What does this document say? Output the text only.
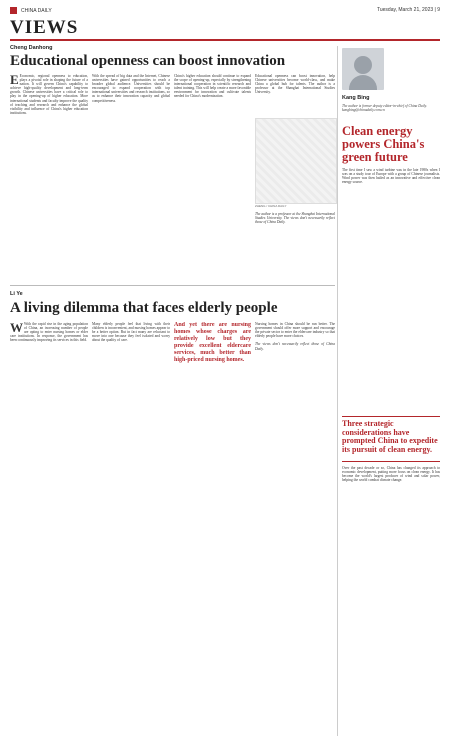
CHINA DAILY	Tuesday, March 21, 2023 | 9
VIEWS
Cheng Danhong
Educational openness can boost innovation
E Economic, regional openness to education, plays a pivotal role in shaping the future of a nation. It will govern China's capability to achieve high-quality development and long-term growth. Chinese universities have a critical role to play in the opening-up of higher education. More international students and faculty improve the quality of teaching and research and enhance the global visibility and influence of China's higher education institutions.
With the spread of big data and the Internet, Chinese universities have gained opportunities to reach a broader global audience. Universities should be encouraged to expand cooperation with top international universities and research institutions, so as to enhance their innovation capacity and global competitiveness.
China's higher education should continue to expand the scope of opening-up, especially by strengthening international cooperation in scientific research and talent training. This will help create a more favorable environment for innovation and cultivate talents needed for China's modernization.
Educational openness can boost innovation, help Chinese universities become world-class, and make China a global hub for talents. The author is a professor at the Shanghai International Studies University.
ZHENG / CHINA DAILY
The author is a professor at the Shanghai International Studies University. The views don't necessarily reflect those of China Daily.
Li Ye
A living dilemma that faces elderly people
W With the rapid rise in the aging population of China, an increasing number of people are opting to enter nursing homes or elder care institutions. In response, the government has been continuously improving its services in this field.
Many elderly people feel that living with their children is inconvenient, and nursing homes appear to be a better option. But in fact many are reluctant to move into one because they feel isolated and worry about the quality of care.
And yet there are nursing homes whose charges are relatively low but they provide excellent eldercare services, much better than high-priced nursing homes.
Nursing homes in China should be run better. The government should offer more support and encourage the private sector to enter the eldercare industry so that elderly people have more choices.

The views don't necessarily reflect those of China Daily.
Kang Bing
The author is former deputy editor-in-chief of China Daily. kangbing@chinadaily.com.cn
Clean energy powers China's green future
The first time I saw a wind turbine was in the late 1980s when I was on a study tour of Europe with a group of Chinese journalists. Wind power was then hailed as an innovative and effective clean energy source.
Three strategic considerations have prompted China to expedite its pursuit of clean energy.
Over the past decade or so, China has changed its approach to economic development, putting more focus on clean energy. It has become the world's largest producer of wind and solar power, helping the world combat climate change.
